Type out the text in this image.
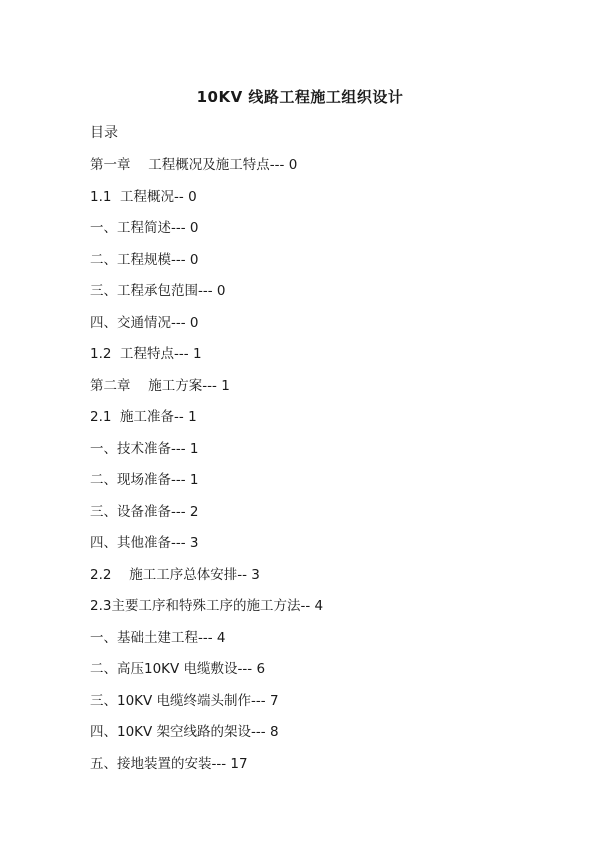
10KV 线路工程施工组织设计
目录
第一章　 工程概况及施工特点--- 0
1.1  工程概况-- 0
一、工程简述--- 0
二、工程规模--- 0
三、工程承包范围--- 0
四、交通情况--- 0
1.2  工程特点--- 1
第二章　 施工方案--- 1
2.1  施工准备-- 1
一、技术准备--- 1
二、现场准备--- 1
三、设备准备--- 2
四、其他准备--- 3
2.2　 施工工序总体安排-- 3
2.3主要工序和特殊工序的施工方法-- 4
一、基础土建工程--- 4
二、高压10KV 电缆敷设--- 6
三、10KV 电缆终端头制作--- 7
四、10KV 架空线路的架设--- 8
五、接地装置的安装--- 17
